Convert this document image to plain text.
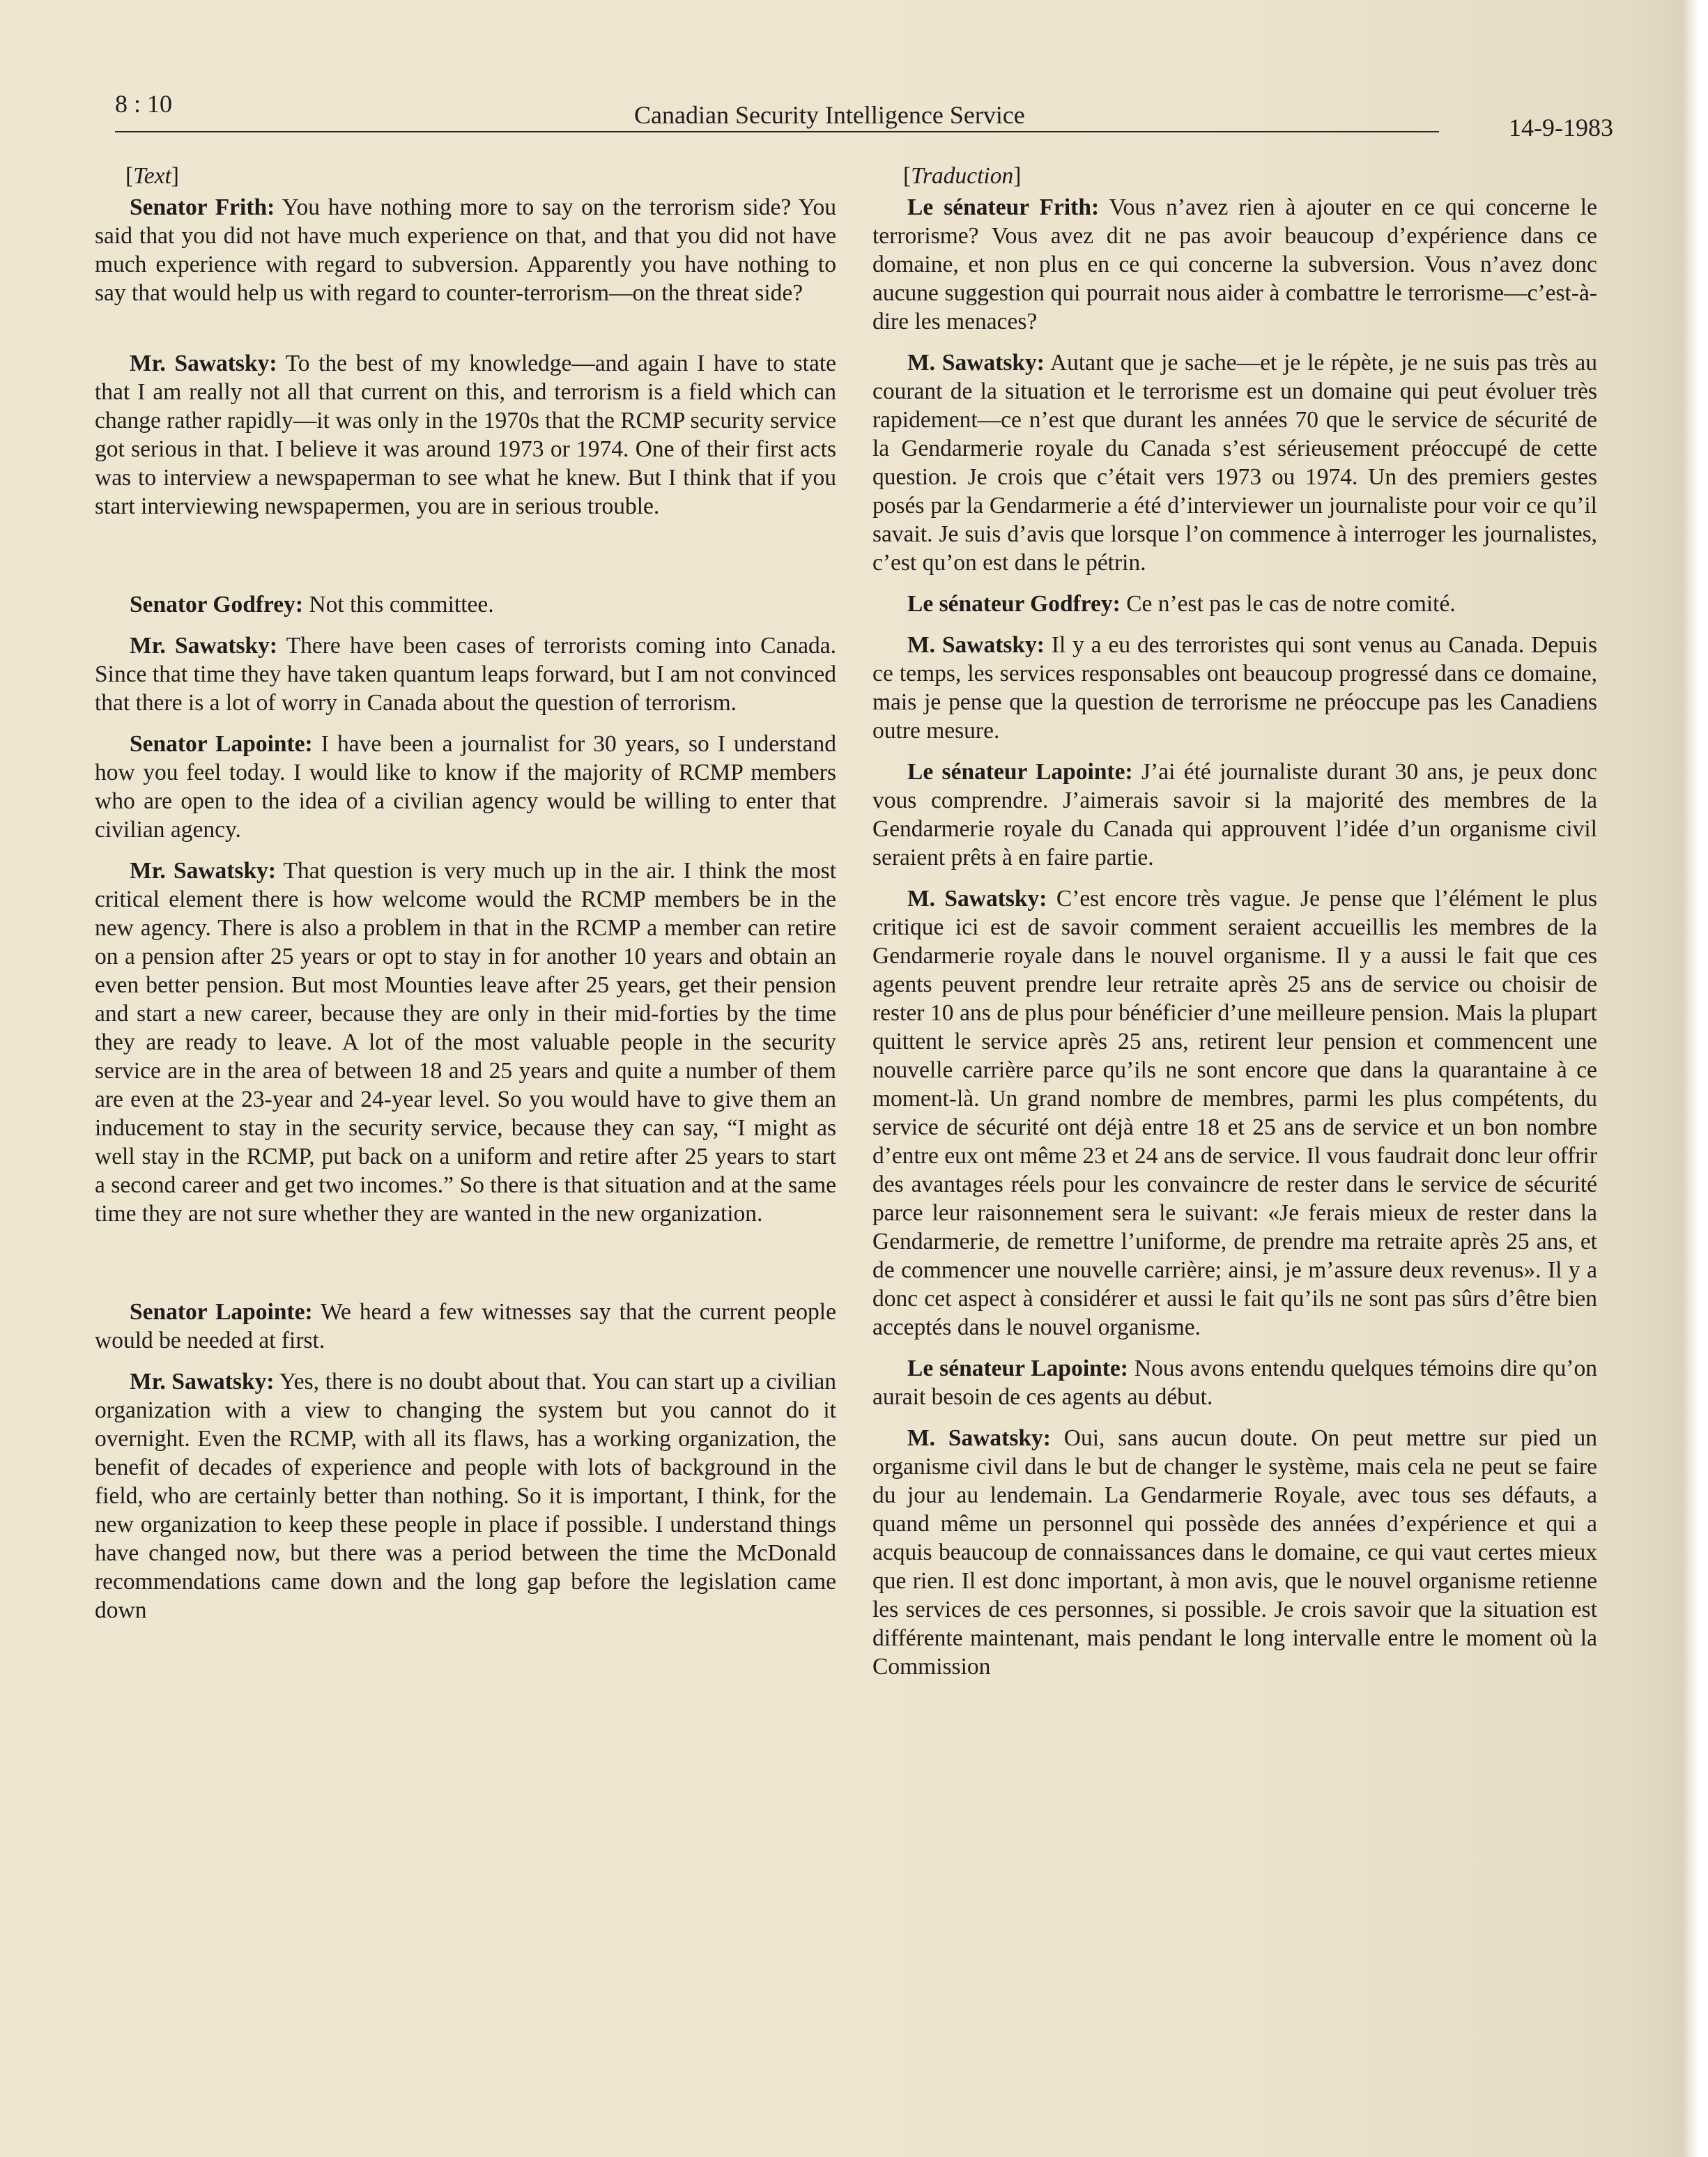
8 : 10	Canadian Security Intelligence Service	14-9-1983
[Text]

Senator Frith: You have nothing more to say on the terrorism side? You said that you did not have much experience on that, and that you did not have much experience with regard to subversion. Apparently you have nothing to say that would help us with regard to counter-terrorism—on the threat side?

Mr. Sawatsky: To the best of my knowledge—and again I have to state that I am really not all that current on this, and terrorism is a field which can change rather rapidly—it was only in the 1970s that the RCMP security service got serious in that. I believe it was around 1973 or 1974. One of their first acts was to interview a newspaperman to see what he knew. But I think that if you start interviewing newspapermen, you are in serious trouble.

Senator Godfrey: Not this committee.

Mr. Sawatsky: There have been cases of terrorists coming into Canada. Since that time they have taken quantum leaps forward, but I am not convinced that there is a lot of worry in Canada about the question of terrorism.

Senator Lapointe: I have been a journalist for 30 years, so I understand how you feel today. I would like to know if the majority of RCMP members who are open to the idea of a civilian agency would be willing to enter that civilian agency.

Mr. Sawatsky: That question is very much up in the air. I think the most critical element there is how welcome would the RCMP members be in the new agency. There is also a problem in that in the RCMP a member can retire on a pension after 25 years or opt to stay in for another 10 years and obtain an even better pension. But most Mounties leave after 25 years, get their pension and start a new career, because they are only in their mid-forties by the time they are ready to leave. A lot of the most valuable people in the security service are in the area of between 18 and 25 years and quite a number of them are even at the 23-year and 24-year level. So you would have to give them an inducement to stay in the security service, because they can say, “I might as well stay in the RCMP, put back on a uniform and retire after 25 years to start a second career and get two incomes.” So there is that situation and at the same time they are not sure whether they are wanted in the new organization.

Senator Lapointe: We heard a few witnesses say that the current people would be needed at first.

Mr. Sawatsky: Yes, there is no doubt about that. You can start up a civilian organization with a view to changing the system but you cannot do it overnight. Even the RCMP, with all its flaws, has a working organization, the benefit of decades of experience and people with lots of background in the field, who are certainly better than nothing. So it is important, I think, for the new organization to keep these people in place if possible. I understand things have changed now, but there was a period between the time the McDonald recommendations came down and the long gap before the legislation came down

[Traduction]

Le sénateur Frith: Vous n’avez rien à ajouter en ce qui concerne le terrorisme? Vous avez dit ne pas avoir beaucoup d’expérience dans ce domaine, et non plus en ce qui concerne la subversion. Vous n’avez donc aucune suggestion qui pourrait nous aider à combattre le terrorisme—c’est-à-dire les menaces?

M. Sawatsky: Autant que je sache—et je le répète, je ne suis pas très au courant de la situation et le terrorisme est un domaine qui peut évoluer très rapidement—ce n’est que durant les années 70 que le service de sécurité de la Gendarmerie royale du Canada s’est sérieusement préoccupé de cette question. Je crois que c’était vers 1973 ou 1974. Un des premiers gestes posés par la Gendarmerie a été d’interviewer un journaliste pour voir ce qu’il savait. Je suis d’avis que lorsque l’on commence à interroger les journalistes, c’est qu’on est dans le pétrin.

Le sénateur Godfrey: Ce n’est pas le cas de notre comité.

M. Sawatsky: Il y a eu des terroristes qui sont venus au Canada. Depuis ce temps, les services responsables ont beaucoup progressé dans ce domaine, mais je pense que la question de terrorisme ne préoccupe pas les Canadiens outre mesure.

Le sénateur Lapointe: J’ai été journaliste durant 30 ans, je peux donc vous comprendre. J’aimerais savoir si la majorité des membres de la Gendarmerie royale du Canada qui approuvent l’idée d’un organisme civil seraient prêts à en faire partie.

M. Sawatsky: C’est encore très vague. Je pense que l’élément le plus critique ici est de savoir comment seraient accueillis les membres de la Gendarmerie royale dans le nouvel organisme. Il y a aussi le fait que ces agents peuvent prendre leur retraite après 25 ans de service ou choisir de rester 10 ans de plus pour bénéficier d’une meilleure pension. Mais la plupart quittent le service après 25 ans, retirent leur pension et commencent une nouvelle carrière parce qu’ils ne sont encore que dans la quarantaine à ce moment-là. Un grand nombre de membres, parmi les plus compétents, du service de sécurité ont déjà entre 18 et 25 ans de service et un bon nombre d’entre eux ont même 23 et 24 ans de service. Il vous faudrait donc leur offrir des avantages réels pour les convaincre de rester dans le service de sécurité parce leur raisonnement sera le suivant: «Je ferais mieux de rester dans la Gendarmerie, de remettre l’uniforme, de prendre ma retraite après 25 ans, et de commencer une nouvelle carrière; ainsi, je m’assure deux revenus». Il y a donc cet aspect à considérer et aussi le fait qu’ils ne sont pas sûrs d’être bien acceptés dans le nouvel organisme.

Le sénateur Lapointe: Nous avons entendu quelques témoins dire qu’on aurait besoin de ces agents au début.

M. Sawatsky: Oui, sans aucun doute. On peut mettre sur pied un organisme civil dans le but de changer le système, mais cela ne peut se faire du jour au lendemain. La Gendarmerie Royale, avec tous ses défauts, a quand même un personnel qui possède des années d’expérience et qui a acquis beaucoup de connaissances dans le domaine, ce qui vaut certes mieux que rien. Il est donc important, à mon avis, que le nouvel organisme retienne les services de ces personnes, si possible. Je crois savoir que la situation est différente maintenant, mais pendant le long intervalle entre le moment où la Commission
